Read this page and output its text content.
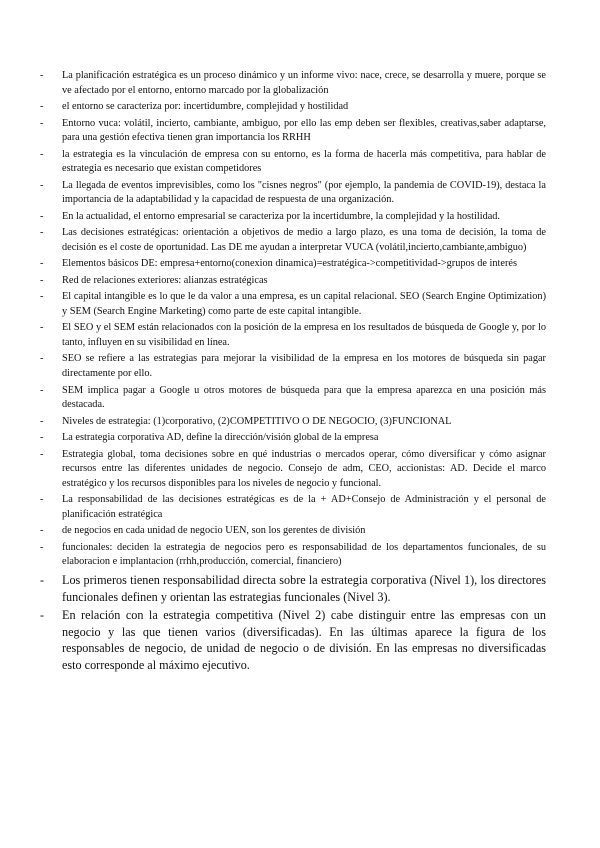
- La planificación estratégica es un proceso dinámico y un informe vivo: nace, crece, se desarrolla y muere, porque se ve afectado por el entorno, entorno marcado por la globalización
- el entorno se caracteriza por: incertidumbre, complejidad y hostilidad
- Entorno vuca: volátil, incierto, cambiante, ambiguo, por ello las emp deben ser flexibles, creativas,saber adaptarse, para una gestión efectiva tienen gran importancia los RRHH
- la estrategia es la vinculación de empresa con su entorno, es la forma de hacerla más competitiva, para hablar de estrategia es necesario que existan competidores
- La llegada de eventos imprevisibles, como los "cisnes negros" (por ejemplo, la pandemia de COVID-19), destaca la importancia de la adaptabilidad y la capacidad de respuesta de una organización.
- En la actualidad, el entorno empresarial se caracteriza por la incertidumbre, la complejidad y la hostilidad.
- Las decisiones estratégicas: orientación a objetivos de medio a largo plazo, es una toma de decisión, la toma de decisión es el coste de oportunidad. Las DE me ayudan a interpretar VUCA (volátil,incierto,cambiante,ambiguo)
- Elementos básicos DE: empresa+entorno(conexion dinamica)=estratégica->competitividad->grupos de interés
- Red de relaciones exteriores: alianzas estratégicas
- El capital intangible es lo que le da valor a una empresa, es un capital relacional. SEO (Search Engine Optimization) y SEM (Search Engine Marketing) como parte de este capital intangible.
- El SEO y el SEM están relacionados con la posición de la empresa en los resultados de búsqueda de Google y, por lo tanto, influyen en su visibilidad en línea.
- SEO se refiere a las estrategias para mejorar la visibilidad de la empresa en los motores de búsqueda sin pagar directamente por ello.
- SEM implica pagar a Google u otros motores de búsqueda para que la empresa aparezca en una posición más destacada.
- Niveles de estrategia: (1)corporativo, (2)COMPETITIVO O DE NEGOCIO, (3)FUNCIONAL
- La estrategia corporativa AD, define la dirección/visión global de la empresa
- Estrategia global, toma decisiones sobre en qué industrias o mercados operar, cómo diversificar y cómo asignar recursos entre las diferentes unidades de negocio. Consejo de adm, CEO, accionistas: AD. Decide el marco estratégico y los recursos disponibles para los niveles de negocio y funcional.
- La responsabilidad de las decisiones estratégicas es de la + AD+Consejo de Administración y el personal de planificación estratégica
- de negocios en cada unidad de negocio UEN, son los gerentes de división
- funcionales: deciden la estrategia de negocios pero es responsabilidad de los departamentos funcionales, de su elaboracion e implantacion (rrhh,producción, comercial, financiero)
- Los primeros tienen responsabilidad directa sobre la estrategia corporativa (Nivel 1), los directores funcionales definen y orientan las estrategias funcionales (Nivel 3).
- En relación con la estrategia competitiva (Nivel 2) cabe distinguir entre las empresas con un negocio y las que tienen varios (diversificadas). En las últimas aparece la figura de los responsables de negocio, de unidad de negocio o de división. En las empresas no diversificadas esto corresponde al máximo ejecutivo.
